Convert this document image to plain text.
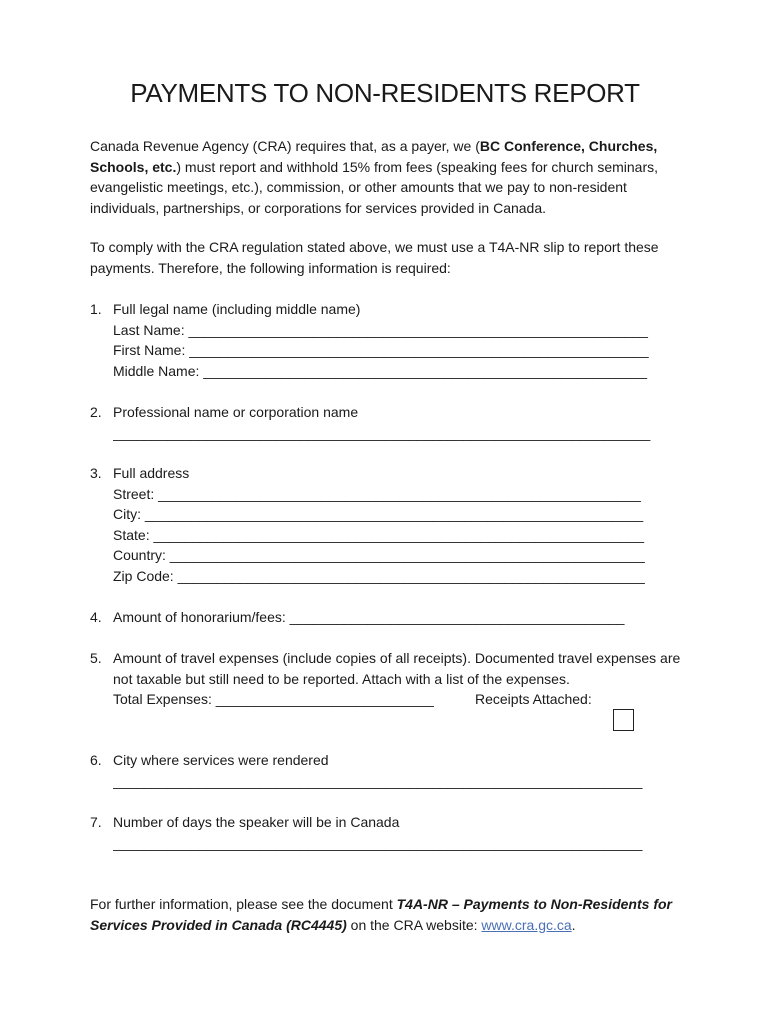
PAYMENTS TO NON-RESIDENTS REPORT
Canada Revenue Agency (CRA) requires that, as a payer, we (BC Conference, Churches, Schools, etc.) must report and withhold 15% from fees (speaking fees for church seminars, evangelistic meetings, etc.), commission, or other amounts that we pay to non-resident individuals, partnerships, or corporations for services provided in Canada.
To comply with the CRA regulation stated above, we must use a T4A-NR slip to report these payments. Therefore, the following information is required:
1. Full legal name (including middle name)
Last Name: ___________________________________________________________
First Name: ___________________________________________________________
Middle Name: _________________________________________________________
2. Professional name or corporation name
_____________________________________________________________________
3. Full address
Street: ______________________________________________________________
City: ________________________________________________________________
State: _______________________________________________________________
Country: _____________________________________________________________
Zip Code: ____________________________________________________________
4. Amount of honorarium/fees: ___________________________________________
5. Amount of travel expenses (include copies of all receipts). Documented travel expenses are not taxable but still need to be reported. Attach with a list of the expenses.
Total Expenses: ____________________________	Receipts Attached:
6. City where services were rendered
____________________________________________________________________
7. Number of days the speaker will be in Canada
____________________________________________________________________
For further information, please see the document T4A-NR – Payments to Non-Residents for Services Provided in Canada (RC4445) on the CRA website: www.cra.gc.ca.
